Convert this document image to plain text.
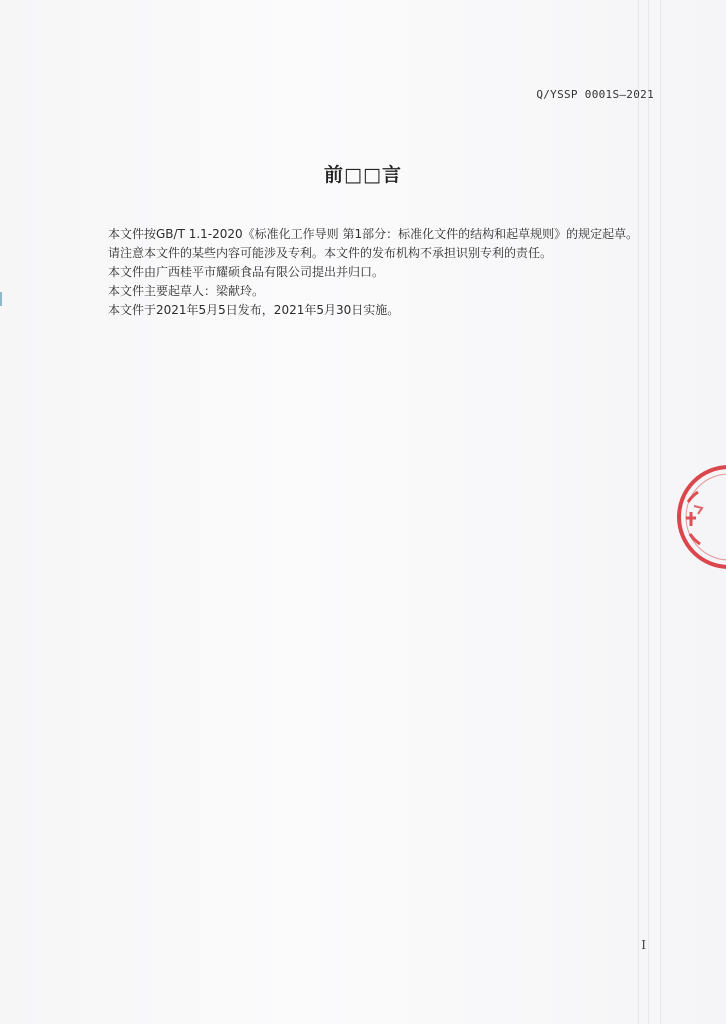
Q/YSSP 0001S—2021
前□□言

本文件按GB/T 1.1-2020《标准化工作导则 第1部分：标准化文件的结构和起草规则》的规定起草。

请注意本文件的某些内容可能涉及专利。本文件的发布机构不承担识别专利的责任。

本文件由广西桂平市耀硕食品有限公司提出并归口。

本文件主要起草人：梁献玲。

本文件于2021年5月5日发布，2021年5月30日实施。

I
